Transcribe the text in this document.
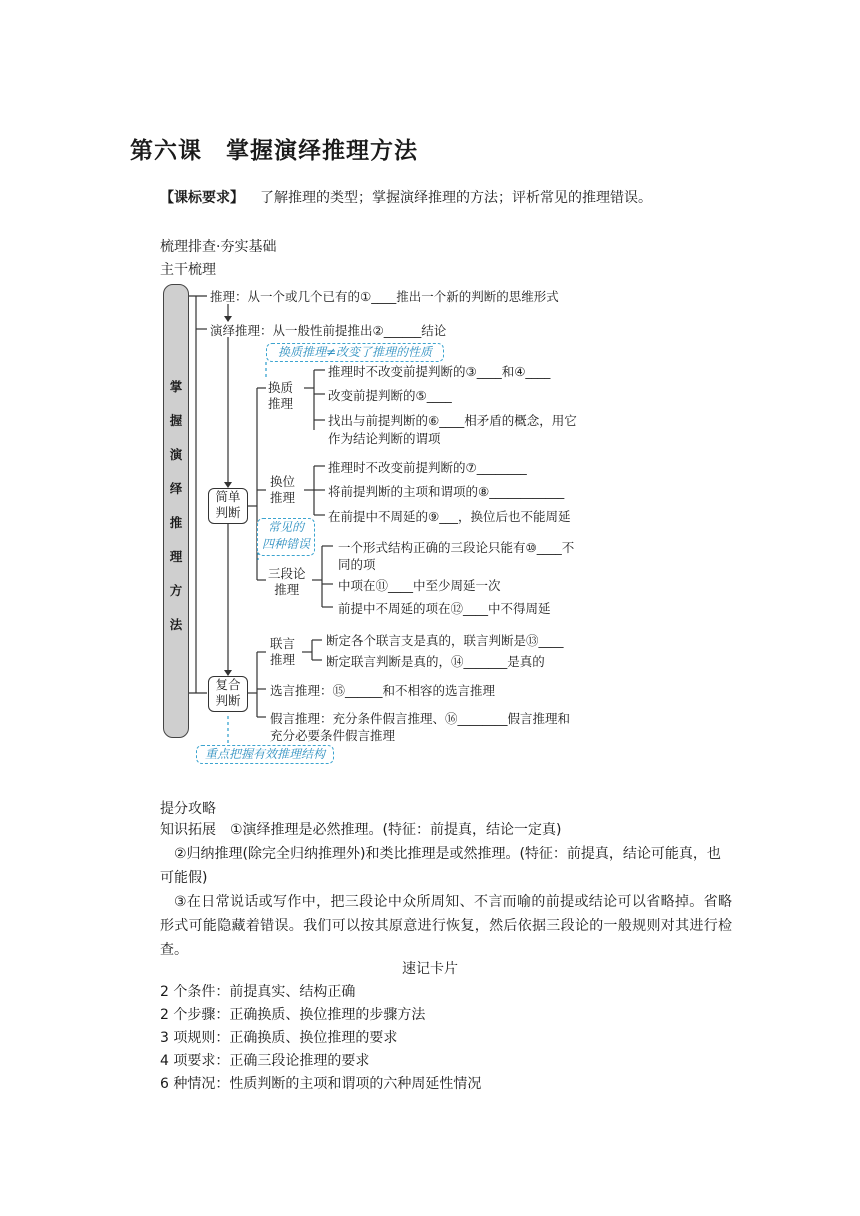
第六课　掌握演绎推理方法
【课标要求】 了解推理的类型；掌握演绎推理的方法；评析常见的推理错误。
梳理排查·夯实基础
主干梳理
掌
握
演
绎
推
理
方
法
推理：从一个或几个已有的①____推出一个新的判断的思维形式
演绎推理：从一般性前提推出②______结论
换质推理≠改变了推理的性质
换质
推理
推理时不改变前提判断的③____和④____
改变前提判断的⑤____
找出与前提判断的⑥____相矛盾的概念，用它
作为结论判断的谓项
换位
推理
推理时不改变前提判断的⑦________
将前提判断的主项和谓项的⑧____________
在前提中不周延的⑨___，换位后也不能周延
简单
判断
常见的
四种错误
三段论
推理
一个形式结构正确的三段论只能有⑩____不
同的项
中项在⑪____中至少周延一次
前提中不周延的项在⑫____中不得周延
联言
推理
断定各个联言支是真的，联言判断是⑬____
断定联言判断是真的，⑭_______是真的
复合
判断
选言推理：⑮______和不相容的选言推理
假言推理：充分条件假言推理、⑯________假言推理和
充分必要条件假言推理
重点把握有效推理结构
提分攻略
知识拓展 ①演绎推理是必然推理。(特征：前提真，结论一定真)
②归纳推理(除完全归纳推理外)和类比推理是或然推理。(特征：前提真，结论可能真，也可能假)
③在日常说话或写作中，把三段论中众所周知、不言而喻的前提或结论可以省略掉。省略形式可能隐藏着错误。我们可以按其原意进行恢复，然后依据三段论的一般规则对其进行检查。
速记卡片
2 个条件：前提真实、结构正确
2 个步骤：正确换质、换位推理的步骤方法
3 项规则：正确换质、换位推理的要求
4 项要求：正确三段论推理的要求
6 种情况：性质判断的主项和谓项的六种周延性情况
